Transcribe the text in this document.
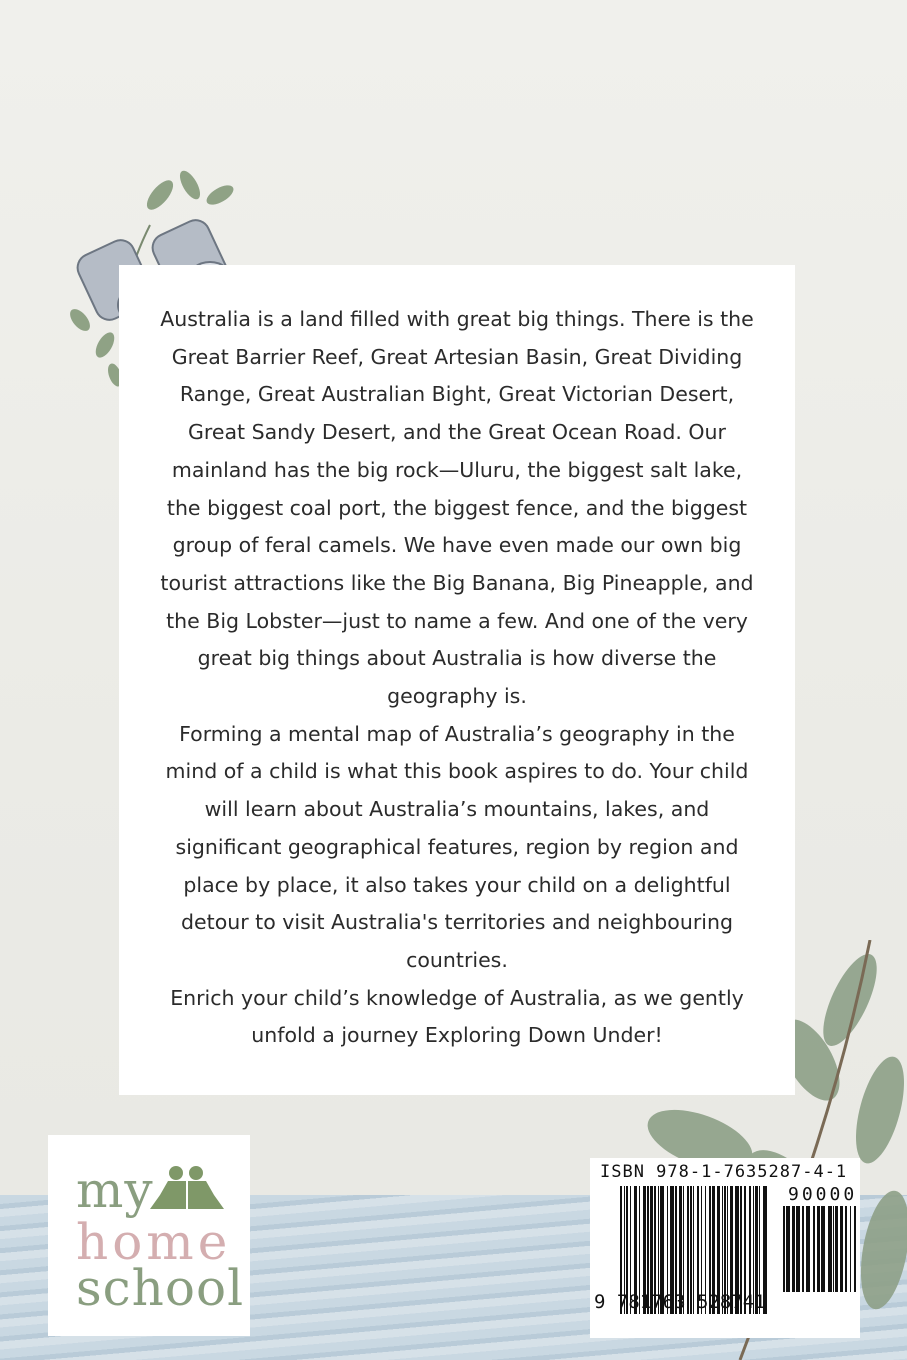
Australia is a land filled with great big things. There is the Great Barrier Reef, Great Artesian Basin, Great Dividing Range, Great Australian Bight, Great Victorian Desert, Great Sandy Desert, and the Great Ocean Road. Our mainland has the big rock—Uluru, the biggest salt lake, the biggest coal port, the biggest fence, and the biggest group of feral camels. We have even made our own big tourist attractions like the Big Banana, Big Pineapple, and the Big Lobster—just to name a few. And one of the very great big things about Australia is how diverse the geography is.

Forming a mental map of Australia’s geography in the mind of a child is what this book aspires to do. Your child will learn about Australia’s mountains, lakes, and significant geographical features, region by region and place by place, it also takes your child on a delightful detour to visit Australia's territories and neighbouring countries.

Enrich your child’s knowledge of Australia, as we gently unfold a journey Exploring Down Under!

my
home
school
ISBN 978-1-7635287-4-1
90000
9 781763 528741
